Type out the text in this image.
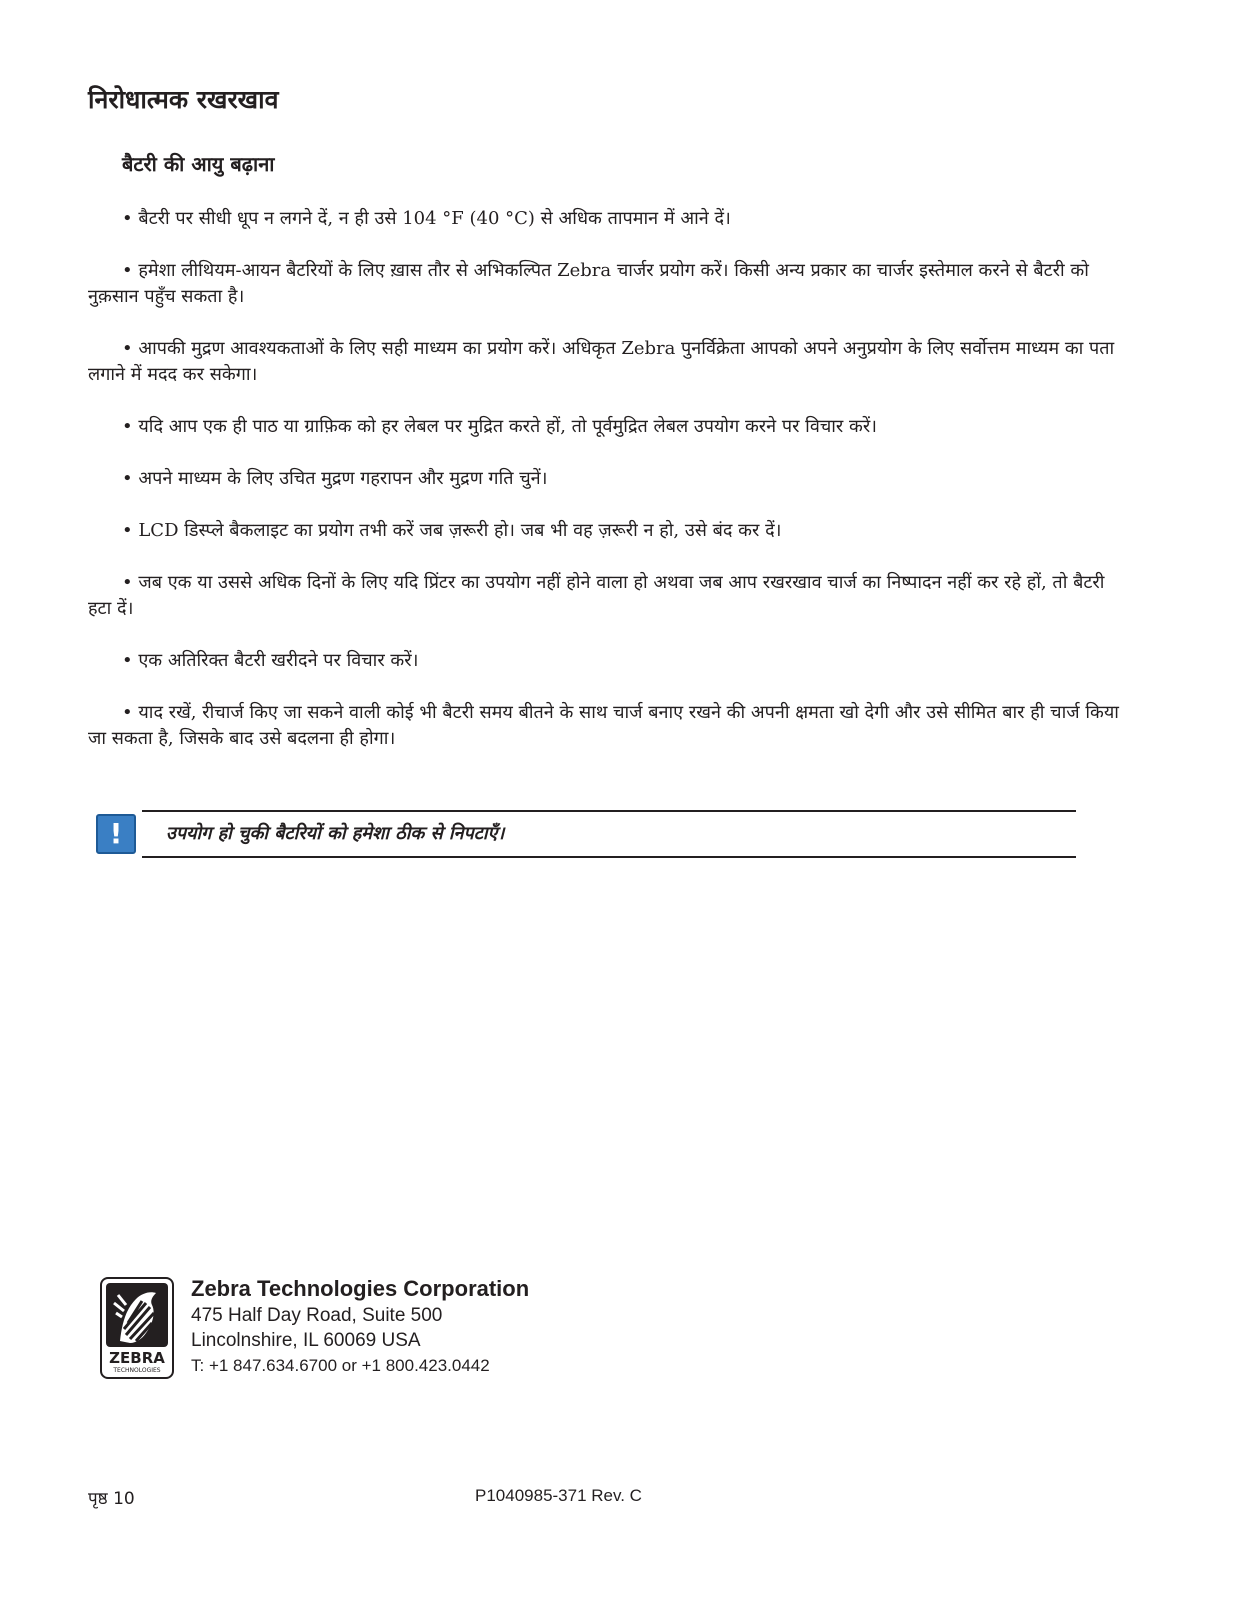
निरोधात्मक रखरखाव
बैटरी की आयु बढ़ाना

• बैटरी पर सीधी धूप न लगने दें, न ही उसे 104 °F (40 °C) से अधिक तापमान में आने दें।

• हमेशा लीथियम-आयन बैटरियों के लिए ख़ास तौर से अभिकल्पित Zebra चार्जर प्रयोग करें। किसी अन्य प्रकार का चार्जर इस्तेमाल करने से बैटरी को नुक़सान पहुँच सकता है।

• आपकी मुद्रण आवश्यकताओं के लिए सही माध्यम का प्रयोग करें। अधिकृत Zebra पुनर्विक्रेता आपको अपने अनुप्रयोग के लिए सर्वोत्तम माध्यम का पता लगाने में मदद कर सकेगा।

• यदि आप एक ही पाठ या ग्राफ़िक को हर लेबल पर मुद्रित करते हों, तो पूर्वमुद्रित लेबल उपयोग करने पर विचार करें।

• अपने माध्यम के लिए उचित मुद्रण गहरापन और मुद्रण गति चुनें।

• LCD डिस्प्ले बैकलाइट का प्रयोग तभी करें जब ज़रूरी हो। जब भी वह ज़रूरी न हो, उसे बंद कर दें।

• जब एक या उससे अधिक दिनों के लिए यदि प्रिंटर का उपयोग नहीं होने वाला हो अथवा जब आप रखरखाव चार्ज का निष्पादन नहीं कर रहे हों, तो बैटरी हटा दें।

• एक अतिरिक्त बैटरी खरीदने पर विचार करें।

• याद रखें, रीचार्ज किए जा सकने वाली कोई भी बैटरी समय बीतने के साथ चार्ज बनाए रखने की अपनी क्षमता खो देगी और उसे सीमित बार ही चार्ज किया जा सकता है, जिसके बाद उसे बदलना ही होगा।

!	उपयोग हो चुकी बैटरियों को हमेशा ठीक से निपटाएँ।
ZEBRA
TECHNOLOGIES
Zebra Technologies Corporation
475 Half Day Road, Suite 500
Lincolnshire, IL 60069 USA
T: +1 847.634.6700 or +1 800.423.0442
पृष्ठ 10	P1040985-371 Rev. C
